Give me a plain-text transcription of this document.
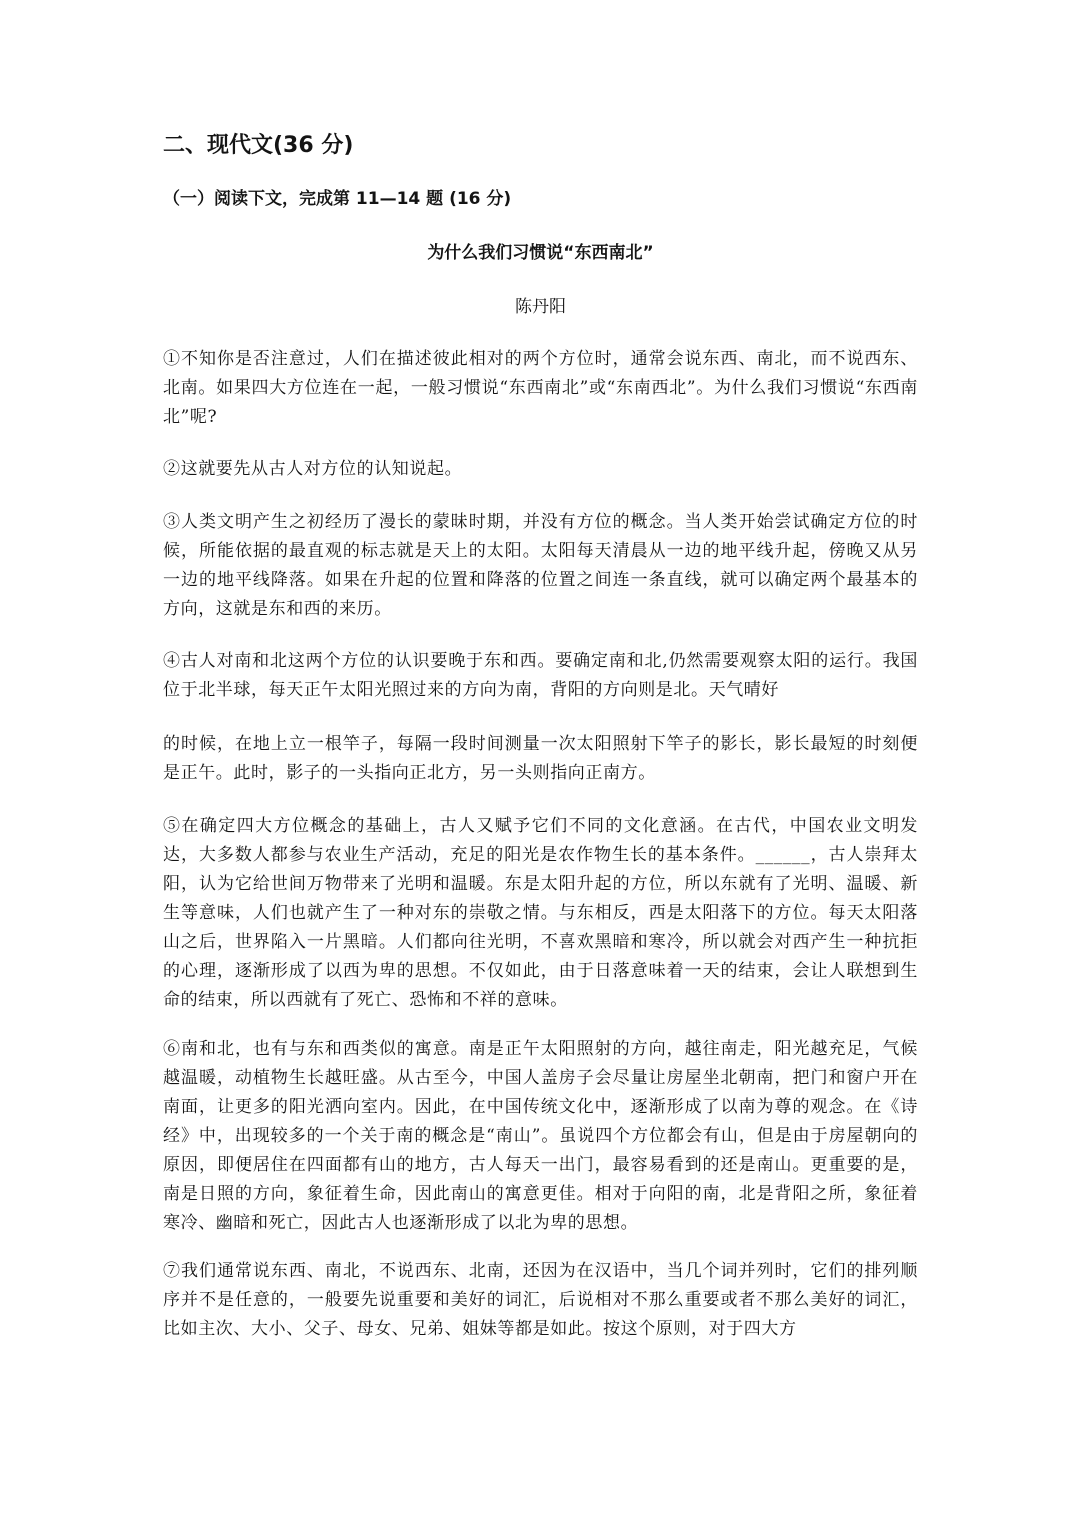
二、现代文(36 分)
（一）阅读下文，完成第 11—14 题 (16 分)
为什么我们习惯说“东西南北”
陈丹阳

①不知你是否注意过，人们在描述彼此相对的两个方位时，通常会说东西、南北，而不说西东、北南。如果四大方位连在一起，一般习惯说“东西南北”或“东南西北”。为什么我们习惯说“东西南北”呢?

②这就要先从古人对方位的认知说起。

③人类文明产生之初经历了漫长的蒙昧时期，并没有方位的概念。当人类开始尝试确定方位的时候，所能依据的最直观的标志就是天上的太阳。太阳每天清晨从一边的地平线升起，傍晚又从另一边的地平线降落。如果在升起的位置和降落的位置之间连一条直线，就可以确定两个最基本的方向，这就是东和西的来历。

④古人对南和北这两个方位的认识要晚于东和西。要确定南和北,仍然需要观察太阳的运行。我国位于北半球，每天正午太阳光照过来的方向为南，背阳的方向则是北。天气晴好

的时候，在地上立一根竿子，每隔一段时间测量一次太阳照射下竿子的影长，影长最短的时刻便是正午。此时，影子的一头指向正北方，另一头则指向正南方。

⑤在确定四大方位概念的基础上，古人又赋予它们不同的文化意涵。在古代，中国农业文明发达，大多数人都参与农业生产活动，充足的阳光是农作物生长的基本条件。______，古人崇拜太阳，认为它给世间万物带来了光明和温暖。东是太阳升起的方位，所以东就有了光明、温暖、新生等意味，人们也就产生了一种对东的崇敬之情。与东相反，西是太阳落下的方位。每天太阳落山之后，世界陷入一片黑暗。人们都向往光明，不喜欢黑暗和寒冷，所以就会对西产生一种抗拒的心理，逐渐形成了以西为卑的思想。不仅如此，由于日落意味着一天的结束，会让人联想到生命的结束，所以西就有了死亡、恐怖和不祥的意味。

⑥南和北，也有与东和西类似的寓意。南是正午太阳照射的方向，越往南走，阳光越充足，气候越温暖，动植物生长越旺盛。从古至今，中国人盖房子会尽量让房屋坐北朝南，把门和窗户开在南面，让更多的阳光洒向室内。因此，在中国传统文化中，逐渐形成了以南为尊的观念。在《诗经》中，出现较多的一个关于南的概念是“南山”。虽说四个方位都会有山，但是由于房屋朝向的原因，即便居住在四面都有山的地方，古人每天一出门，最容易看到的还是南山。更重要的是，南是日照的方向，象征着生命，因此南山的寓意更佳。相对于向阳的南，北是背阳之所，象征着寒冷、幽暗和死亡，因此古人也逐渐形成了以北为卑的思想。

⑦我们通常说东西、南北，不说西东、北南，还因为在汉语中，当几个词并列时，它们的排列顺序并不是任意的，一般要先说重要和美好的词汇，后说相对不那么重要或者不那么美好的词汇，比如主次、大小、父子、母女、兄弟、姐妹等都是如此。按这个原则，对于四大方
